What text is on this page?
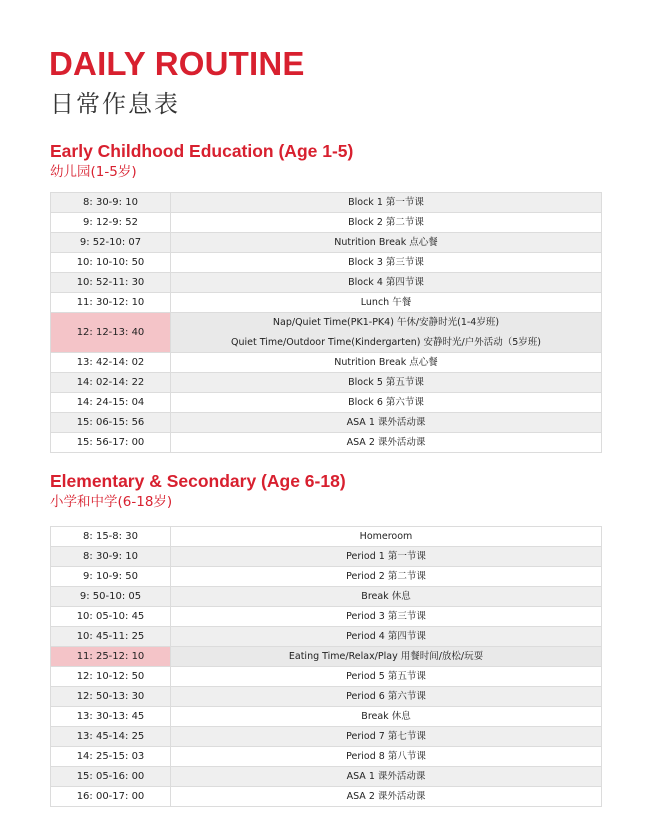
DAILY ROUTINE
日常作息表
Early Childhood Education (Age 1-5)
幼儿园(1-5岁)
8: 30-9: 10	Block 1 第一节课
9: 12-9: 52	Block 2 第二节课
9: 52-10: 07	Nutrition Break 点心餐
10: 10-10: 50	Block 3 第三节课
10: 52-11: 30	Block 4 第四节课
11: 30-12: 10	Lunch 午餐
12: 12-13: 40	Nap/Quiet Time(PK1-PK4) 午休/安静时光(1-4岁班)
Quiet Time/Outdoor Time(Kindergarten) 安静时光/户外活动（5岁班)

13: 42-14: 02	Nutrition Break 点心餐
14: 02-14: 22	Block 5 第五节课
14: 24-15: 04	Block 6 第六节课
15: 06-15: 56	ASA 1 课外活动课
15: 56-17: 00	ASA 2 课外活动课
Elementary & Secondary (Age 6-18)
小学和中学(6-18岁)
8: 15-8: 30	Homeroom
8: 30-9: 10	Period 1 第一节课
9: 10-9: 50	Period 2 第二节课
9: 50-10: 05	Break 休息
10: 05-10: 45	Period 3 第三节课
10: 45-11: 25	Period 4 第四节课
11: 25-12: 10	Eating Time/Relax/Play 用餐时间/放松/玩耍
12: 10-12: 50	Period 5 第五节课
12: 50-13: 30	Period 6 第六节课
13: 30-13: 45	Break 休息
13: 45-14: 25	Period 7 第七节课
14: 25-15: 03	Period 8 第八节课
15: 05-16: 00	ASA 1 课外活动课
16: 00-17: 00	ASA 2 课外活动课
